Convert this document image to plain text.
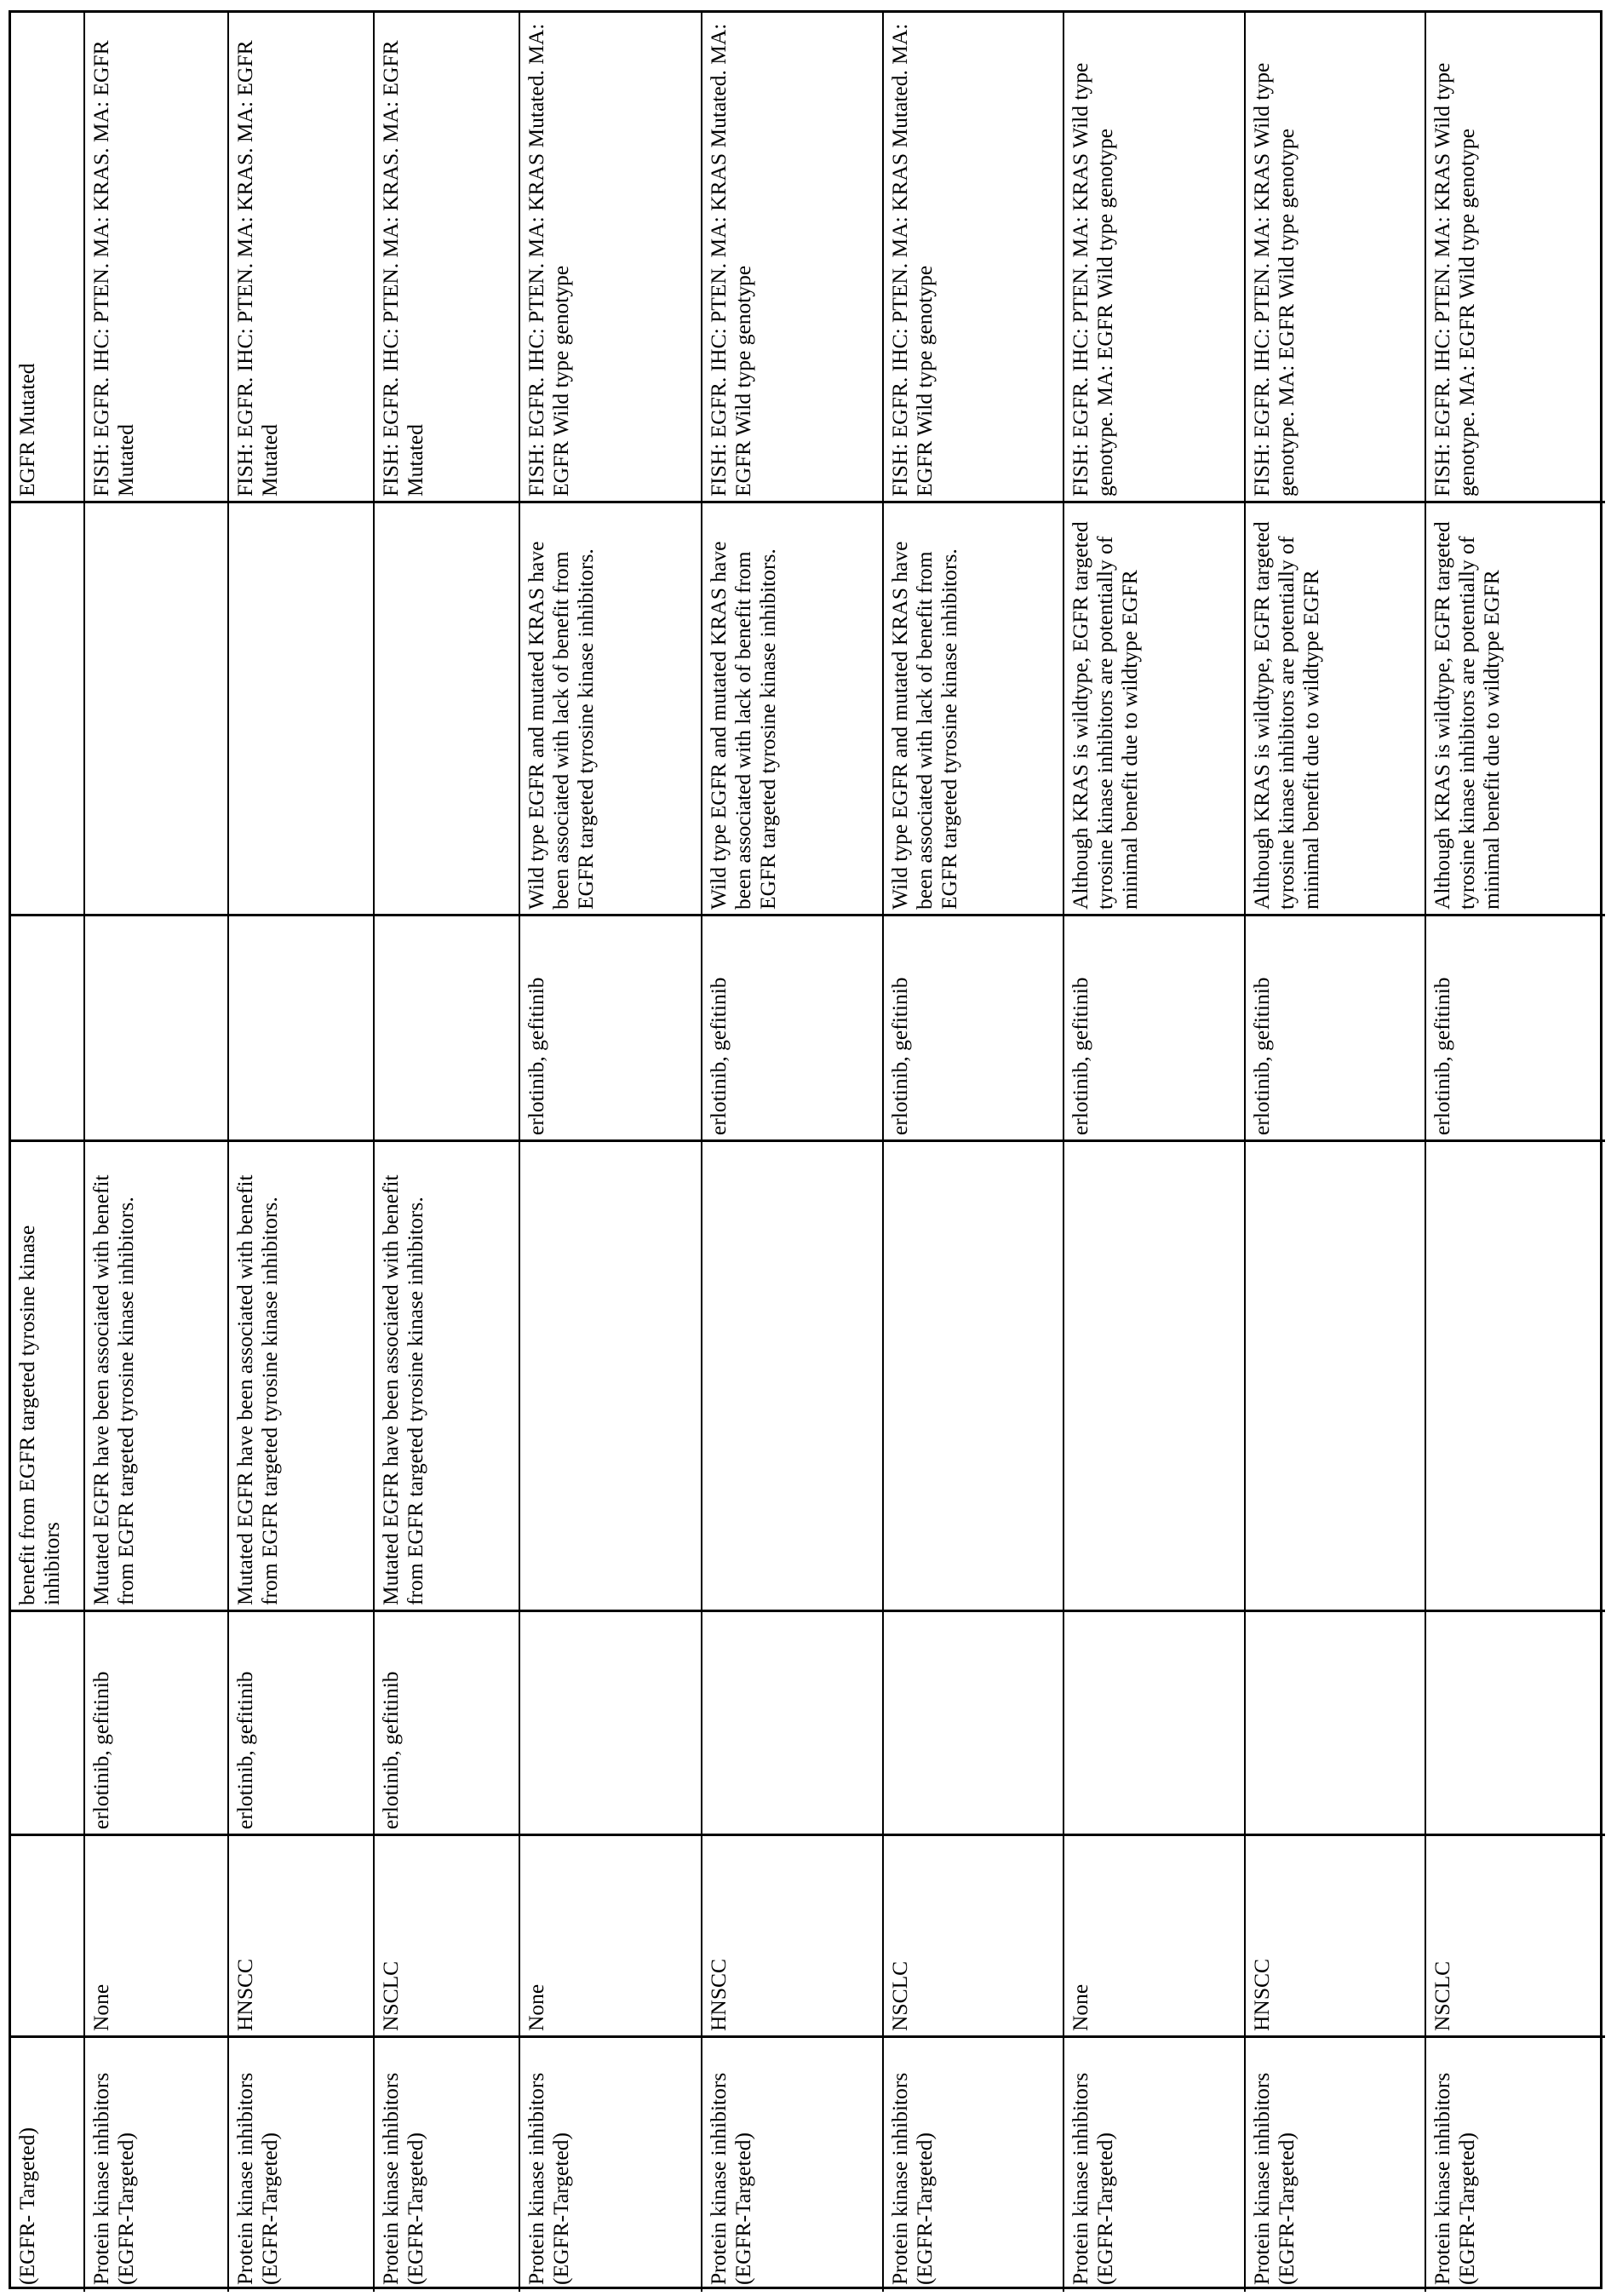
EGFR Mutated
benefit from EGFR targeted tyrosine kinase inhibitors
(EGFR- Targeted)
FISH: EGFR. IHC: PTEN. MA: KRAS. MA: EGFR Mutated
Mutated EGFR have been associated with benefit from EGFR targeted tyrosine kinase inhibitors.
erlotinib, gefitinib
None
Protein kinase inhibitors (EGFR-Targeted)
FISH: EGFR. IHC: PTEN. MA: KRAS. MA: EGFR Mutated
Mutated EGFR have been associated with benefit from EGFR targeted tyrosine kinase inhibitors.
erlotinib, gefitinib
HNSCC
Protein kinase inhibitors (EGFR-Targeted)
FISH: EGFR. IHC: PTEN. MA: KRAS. MA: EGFR Mutated
Mutated EGFR have been associated with benefit from EGFR targeted tyrosine kinase inhibitors.
erlotinib, gefitinib
NSCLC
Protein kinase inhibitors (EGFR-Targeted)
FISH: EGFR. IHC: PTEN. MA: KRAS Mutated. MA: EGFR Wild type genotype
Wild type EGFR and mutated KRAS have been associated with lack of benefit from EGFR targeted tyrosine kinase inhibitors.
erlotinib, gefitinib
None
Protein kinase inhibitors (EGFR-Targeted)
FISH: EGFR. IHC: PTEN. MA: KRAS Mutated. MA: EGFR Wild type genotype
Wild type EGFR and mutated KRAS have been associated with lack of benefit from EGFR targeted tyrosine kinase inhibitors.
erlotinib, gefitinib
HNSCC
Protein kinase inhibitors (EGFR-Targeted)
FISH: EGFR. IHC: PTEN. MA: KRAS Mutated. MA: EGFR Wild type genotype
Wild type EGFR and mutated KRAS have been associated with lack of benefit from EGFR targeted tyrosine kinase inhibitors.
erlotinib, gefitinib
NSCLC
Protein kinase inhibitors (EGFR-Targeted)
FISH: EGFR. IHC: PTEN. MA: KRAS Wild type genotype. MA: EGFR Wild type genotype
Although KRAS is wildtype, EGFR targeted tyrosine kinase inhibitors are potentially of minimal benefit due to wildtype EGFR
erlotinib, gefitinib
None
Protein kinase inhibitors (EGFR-Targeted)
FISH: EGFR. IHC: PTEN. MA: KRAS Wild type genotype. MA: EGFR Wild type genotype
Although KRAS is wildtype, EGFR targeted tyrosine kinase inhibitors are potentially of minimal benefit due to wildtype EGFR
erlotinib, gefitinib
HNSCC
Protein kinase inhibitors (EGFR-Targeted)
FISH: EGFR. IHC: PTEN. MA: KRAS Wild type genotype. MA: EGFR Wild type genotype
Although KRAS is wildtype, EGFR targeted tyrosine kinase inhibitors are potentially of minimal benefit due to wildtype EGFR
erlotinib, gefitinib
NSCLC
Protein kinase inhibitors (EGFR-Targeted)
